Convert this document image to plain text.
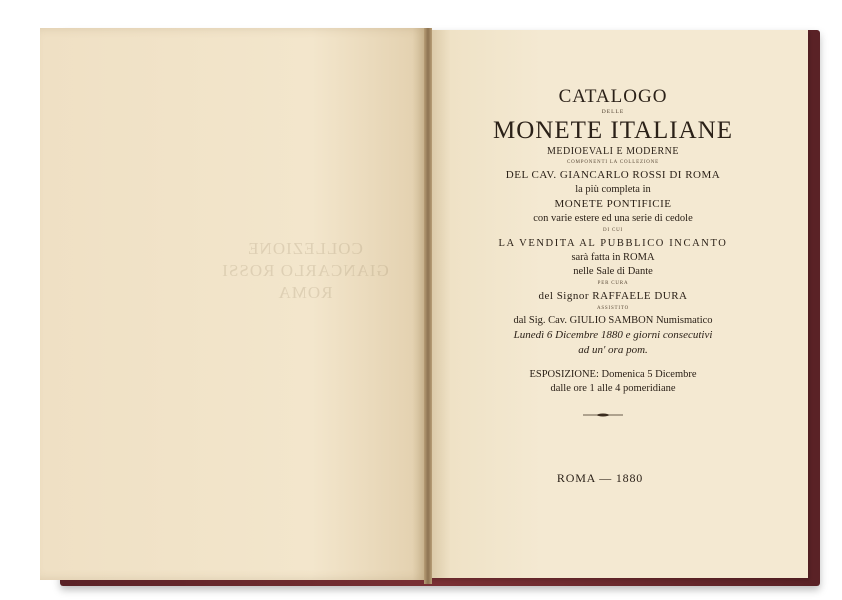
COLLEZIONE
GIANCARLO ROSSI
ROMA
CATALOGO
DELLE
MONETE ITALIANE
MEDIOEVALI E MODERNE
COMPONENTI LA COLLEZIONE
DEL CAV. GIANCARLO ROSSI DI ROMA
la più completa in
MONETE PONTIFICIE
con varie estere ed una serie di cedole
DI CUI
LA VENDITA AL PUBBLICO INCANTO
sarà fatta in ROMA
nelle Sale di Dante
PER CURA
del Signor RAFFAELE DURA
ASSISTITO
dal Sig. Cav. GIULIO SAMBON Numismatico
Lunedì 6 Dicembre 1880 e giorni consecutivi
ad un' ora pom.

ESPOSIZIONE: Domenica 5 Dicembre
dalle ore 1 alle 4 pomeridiane
ROMA — 1880
